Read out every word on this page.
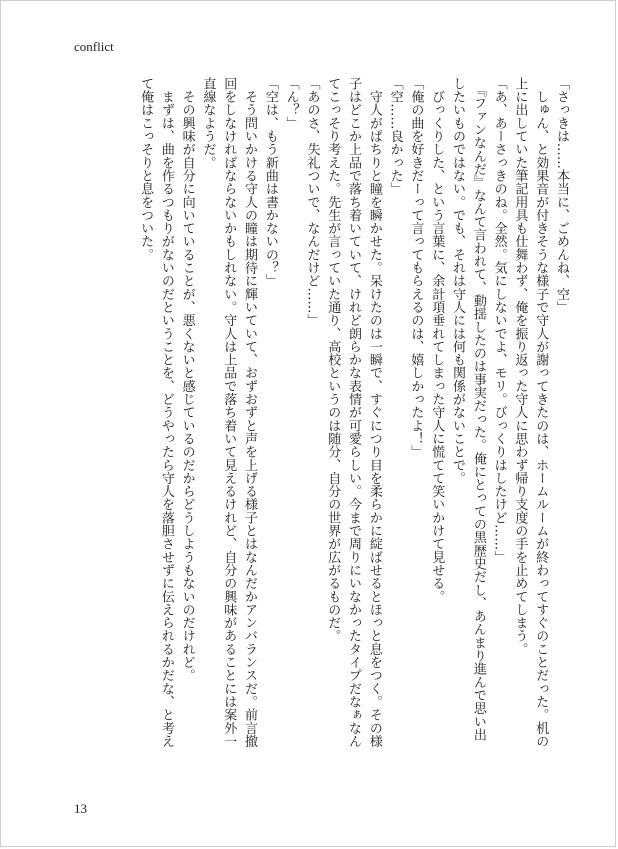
conflict
「さっきは……本当に、ごめんね、空」
　しゅん、と効果音が付きそうな様子で守人が謝ってきたのは、ホームルームが終わってすぐのことだった。机の
上に出していた筆記用具も仕舞わず、俺を振り返った守人に思わず帰り支度の手を止めてしまう。
「あ、あーさっきのね。全然。気にしないでよ、モリ。びっくりはしたけど……」
　『ファンなんだ』なんて言われて、動揺したのは事実だった。俺にとっての黒歴史だし、あんまり進んで思い出
したいものではない。でも、それは守人には何も関係がないことで。
　びっくりした、という言葉に、余計項垂れてしまった守人に慌てて笑いかけて見せる。
「俺の曲を好きだーって言ってもらえるのは、嬉しかったよ！」
「空……良かった」
　守人がぱちりと瞳を瞬かせた。呆けたのは一瞬で、すぐにつり目を柔らかに綻ばせるとほっと息をつく。その様
子はどこか上品で落ち着いていて、けれど朗らかな表情が可愛らしい。今まで周りにいなかったタイプだなぁなん
てこっそり考えた。先生が言っていた通り、高校というのは随分、自分の世界が広がるものだ。
「あのさ、失礼ついで、なんだけど……」
「ん？」
「空は、もう新曲は書かないの？」
　そう問いかける守人の瞳は期待に輝いていて、おずおずと声を上げる様子とはなんだかアンバランスだ。前言撤
回をしなければならないかもしれない。守人は上品で落ち着いて見えるけれど、自分の興味があることには案外一
直線なようだ。
　その興味が自分に向いていることが、悪くないと感じているのだからどうしようもないのだけれど。
　まずは、曲を作るつもりがないのだということを、どうやったら守人を落胆させずに伝えられるかだな、と考え
て俺はこっそりと息をついた。
13
